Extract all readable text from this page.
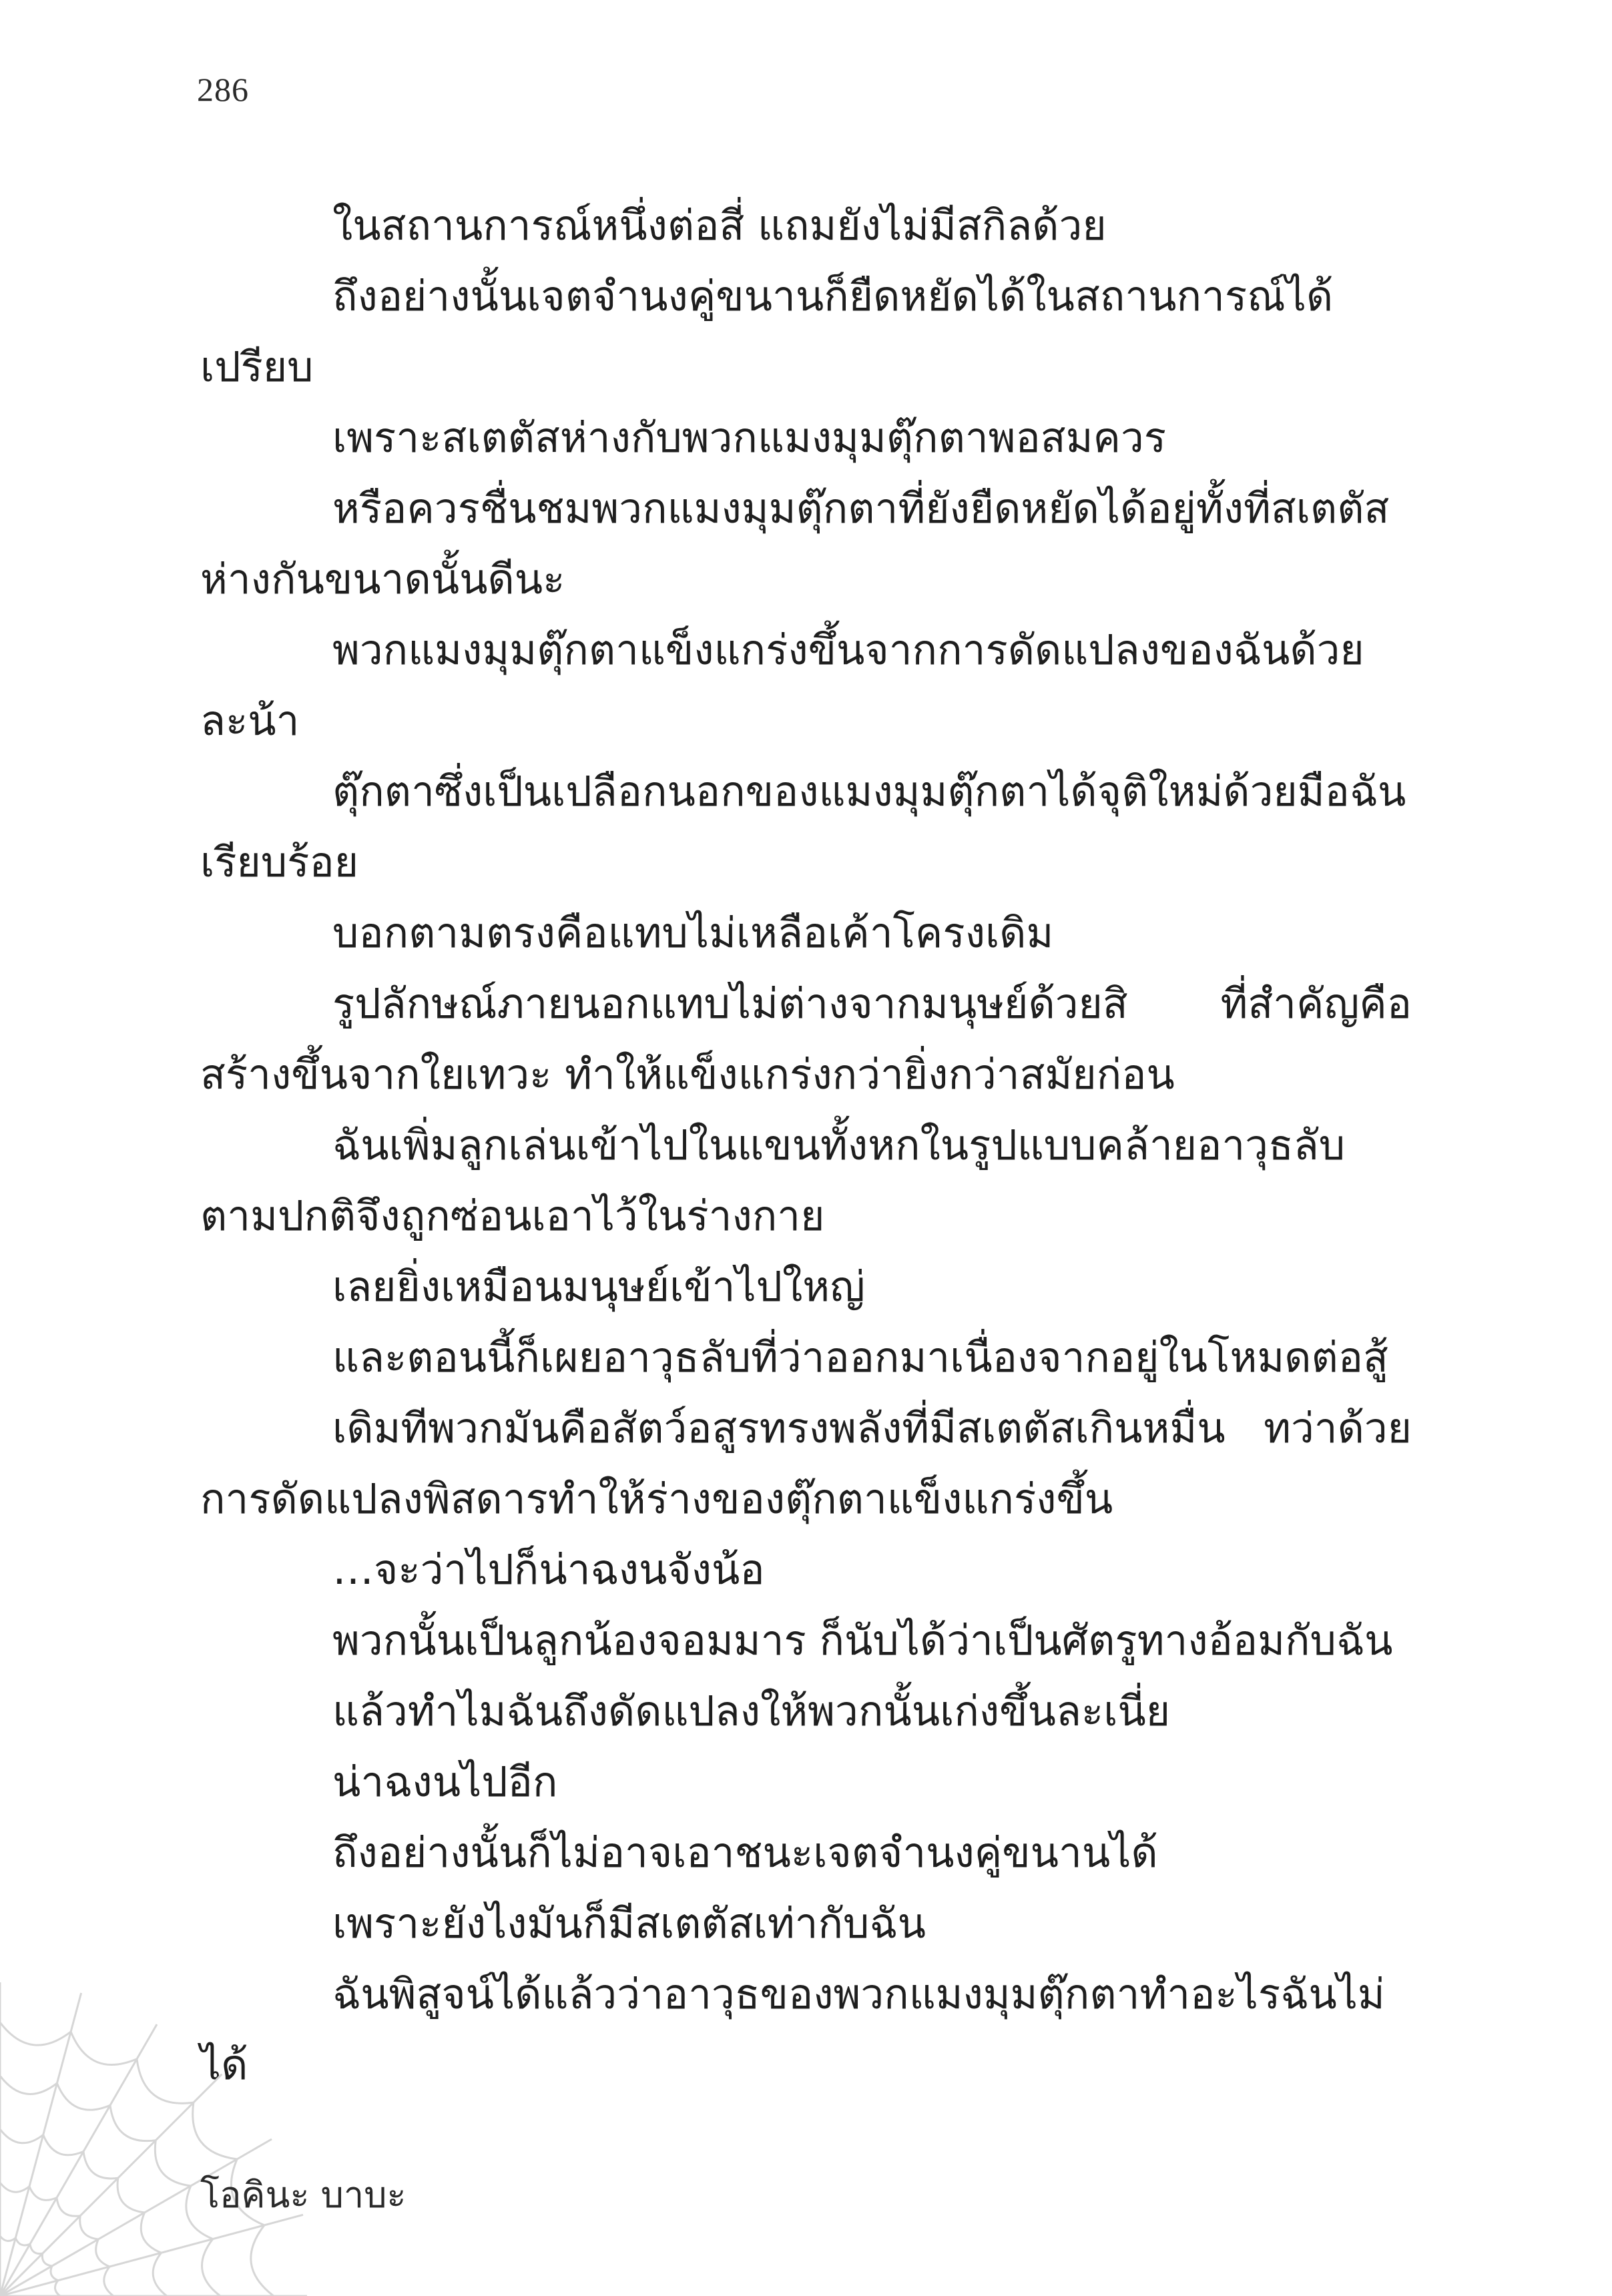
286

ในสถานการณ์หนึ่งต่อสี่ แถมยังไม่มีสกิลด้วย

ถึงอย่างนั้นเจตจำนงคู่ขนานก็ยืดหยัดได้ในสถานการณ์ได้เปรียบ

เพราะสเตตัสห่างกับพวกแมงมุมตุ๊กตาพอสมควร

หรือควรชื่นชมพวกแมงมุมตุ๊กตาที่ยังยืดหยัดได้อยู่ทั้งที่สเตตัสห่างกันขนาดนั้นดีนะ

พวกแมงมุมตุ๊กตาแข็งแกร่งขึ้นจากการดัดแปลงของฉันด้วยละน้า

ตุ๊กตาซึ่งเป็นเปลือกนอกของแมงมุมตุ๊กตาได้จุติใหม่ด้วยมือฉันเรียบร้อย

บอกตามตรงคือแทบไม่เหลือเค้าโครงเดิม

รูปลักษณ์ภายนอกแทบไม่ต่างจากมนุษย์ด้วยสิ ที่สำคัญคือสร้างขึ้นจากใยเทวะ ทำให้แข็งแกร่งกว่ายิ่งกว่าสมัยก่อน

ฉันเพิ่มลูกเล่นเข้าไปในแขนทั้งหกในรูปแบบคล้ายอาวุธลับตามปกติจึงถูกซ่อนเอาไว้ในร่างกาย

เลยยิ่งเหมือนมนุษย์เข้าไปใหญ่

และตอนนี้ก็เผยอาวุธลับที่ว่าออกมาเนื่องจากอยู่ในโหมดต่อสู้

เดิมทีพวกมันคือสัตว์อสูรทรงพลังที่มีสเตตัสเกินหมื่น ทว่าด้วยการดัดแปลงพิสดารทำให้ร่างของตุ๊กตาแข็งแกร่งขึ้น

…จะว่าไปก็น่าฉงนจังน้อ

พวกนั้นเป็นลูกน้องจอมมาร ก็นับได้ว่าเป็นศัตรูทางอ้อมกับฉัน

แล้วทำไมฉันถึงดัดแปลงให้พวกนั้นเก่งขึ้นละเนี่ย

น่าฉงนไปอีก

ถึงอย่างนั้นก็ไม่อาจเอาชนะเจตจำนงคู่ขนานได้

เพราะยังไงมันก็มีสเตตัสเท่ากับฉัน

ฉันพิสูจน์ได้แล้วว่าอาวุธของพวกแมงมุมตุ๊กตาทำอะไรฉันไม่ได้

โอคินะ บาบะ
